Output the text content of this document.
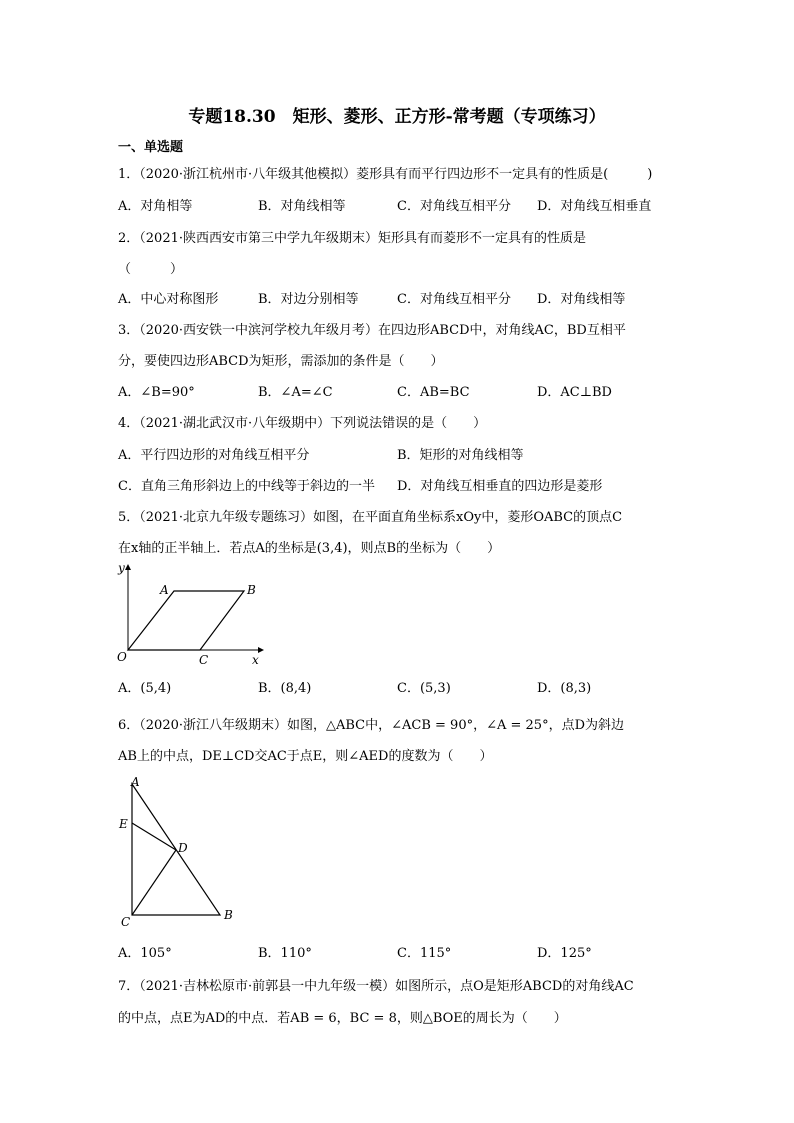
专题18.30　矩形、菱形、正方形-常考题（专项练习）
一、单选题
1．（2020·浙江杭州市·八年级其他模拟）菱形具有而平行四边形不一定具有的性质是(　　　)
A．对角相等	B．对角线相等	C．对角线互相平分 D．对角线互相垂直
2．（2021·陕西西安市第三中学九年级期末）矩形具有而菱形不一定具有的性质是
（　　　）
A．中心对称图形	B．对边分别相等	C．对角线互相平分 D．对角线相等
3．（2020·西安铁一中滨河学校九年级月考）在四边形ABCD中，对角线AC，BD互相平
分，要使四边形ABCD为矩形，需添加的条件是（　　）
A．∠B=90°	B．∠A=∠C	C．AB=BC	D．AC⊥BD
4．（2021·湖北武汉市·八年级期中）下列说法错误的是（　　）
A．平行四边形的对角线互相平分	B．矩形的对角线相等
C．直角三角形斜边上的中线等于斜边的一半 D．对角线互相垂直的四边形是菱形
5．（2021·北京九年级专题练习）如图，在平面直角坐标系xOy中，菱形OABC的顶点C
在x轴的正半轴上．若点A的坐标是(3,4)，则点B的坐标为（　　）
y
x
O
A	B
C
A．(5,4)	B．(8,4)	C．(5,3)	D．(8,3)
6．（2020·浙江八年级期末）如图，△ABC中，∠ACB = 90°，∠A = 25°，点D为斜边
AB上的中点，DE⊥CD交AC于点E，则∠AED的度数为（　　）
A
E
D
C	B
A．105°	B．110°	C．115°	D．125°
7．（2021·吉林松原市·前郭县一中九年级一模）如图所示，点O是矩形ABCD的对角线AC
的中点，点E为AD的中点．若AB = 6，BC = 8，则△BOE的周长为（　　）
